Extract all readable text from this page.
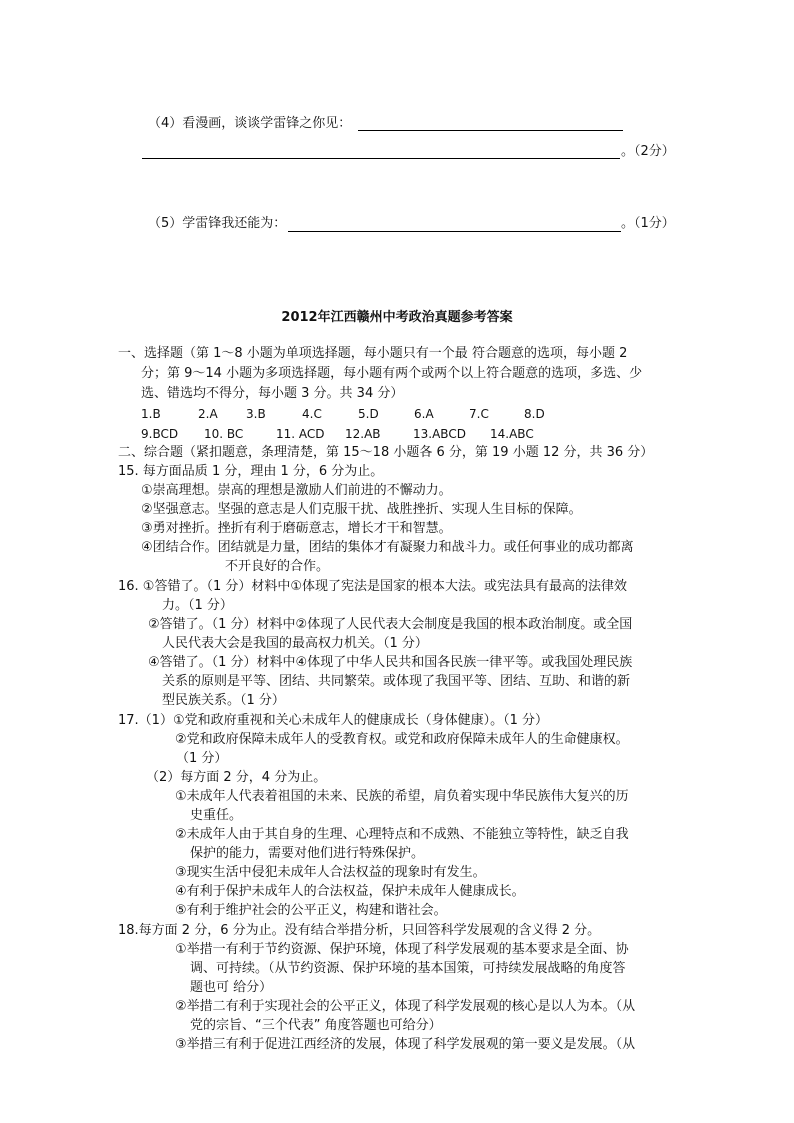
（4）看漫画，谈谈学雷锋之你见：
。（2分）
（5）学雷锋我还能为：	。（1分）
2012年江西赣州中考政治真题参考答案
一、选择题（第 1～8 小题为单项选择题，每小题只有一个最 符合题意的选项，每小题 2
分；第 9～14 小题为多项选择题，每小题有两个或两个以上符合题意的选项，多选、少
选、错选均不得分，每小题 3 分。共 34 分）
1.B	2.A 3.B	4.C	5.D	6.A	7.C	8.D
9.BCD 10. BC	11. ACD 12.AB	13.ABCD 14.ABC
二、综合题（紧扣题意，条理清楚，第 15～18 小题各 6 分，第 19 小题 12 分，共 36 分）
15. 每方面品质 1 分，理由 1 分，6 分为止。
①崇高理想。崇高的理想是激励人们前进的不懈动力。
②坚强意志。坚强的意志是人们克服干扰、战胜挫折、实现人生目标的保障。
③勇对挫折。挫折有利于磨砺意志，增长才干和智慧。
④团结合作。团结就是力量，团结的集体才有凝聚力和战斗力。或任何事业的成功都离
不开良好的合作。
16. ①答错了。（1 分）材料中①体现了宪法是国家的根本大法。或宪法具有最高的法律效
力。（1 分）
②答错了。（1 分）材料中②体现了人民代表大会制度是我国的根本政治制度。或全国
人民代表大会是我国的最高权力机关。（1 分）
④答错了。（1 分）材料中④体现了中华人民共和国各民族一律平等。或我国处理民族
关系的原则是平等、团结、共同繁荣。或体现了我国平等、团结、互助、和谐的新
型民族关系。（1 分）
17.（1）①党和政府重视和关心未成年人的健康成长（身体健康）。（1 分）
②党和政府保障未成年人的受教育权。或党和政府保障未成年人的生命健康权。
（1 分）
（2）每方面 2 分，4 分为止。
①未成年人代表着祖国的未来、民族的希望，肩负着实现中华民族伟大复兴的历
史重任。
②未成年人由于其自身的生理、心理特点和不成熟、不能独立等特性，缺乏自我
保护的能力，需要对他们进行特殊保护。
③现实生活中侵犯未成年人合法权益的现象时有发生。
④有利于保护未成年人的合法权益，保护未成年人健康成长。
⑤有利于维护社会的公平正义，构建和谐社会。
18.每方面 2 分，6 分为止。没有结合举措分析，只回答科学发展观的含义得 2 分。
①举措一有利于节约资源、保护环境，体现了科学发展观的基本要求是全面、协
调、可持续。（从节约资源、保护环境的基本国策，可持续发展战略的角度答
题也可 给分）
②举措二有利于实现社会的公平正义，体现了科学发展观的核心是以人为本。（从
党的宗旨、“三个代表” 角度答题也可给分）
③举措三有利于促进江西经济的发展，体现了科学发展观的第一要义是发展。（从
